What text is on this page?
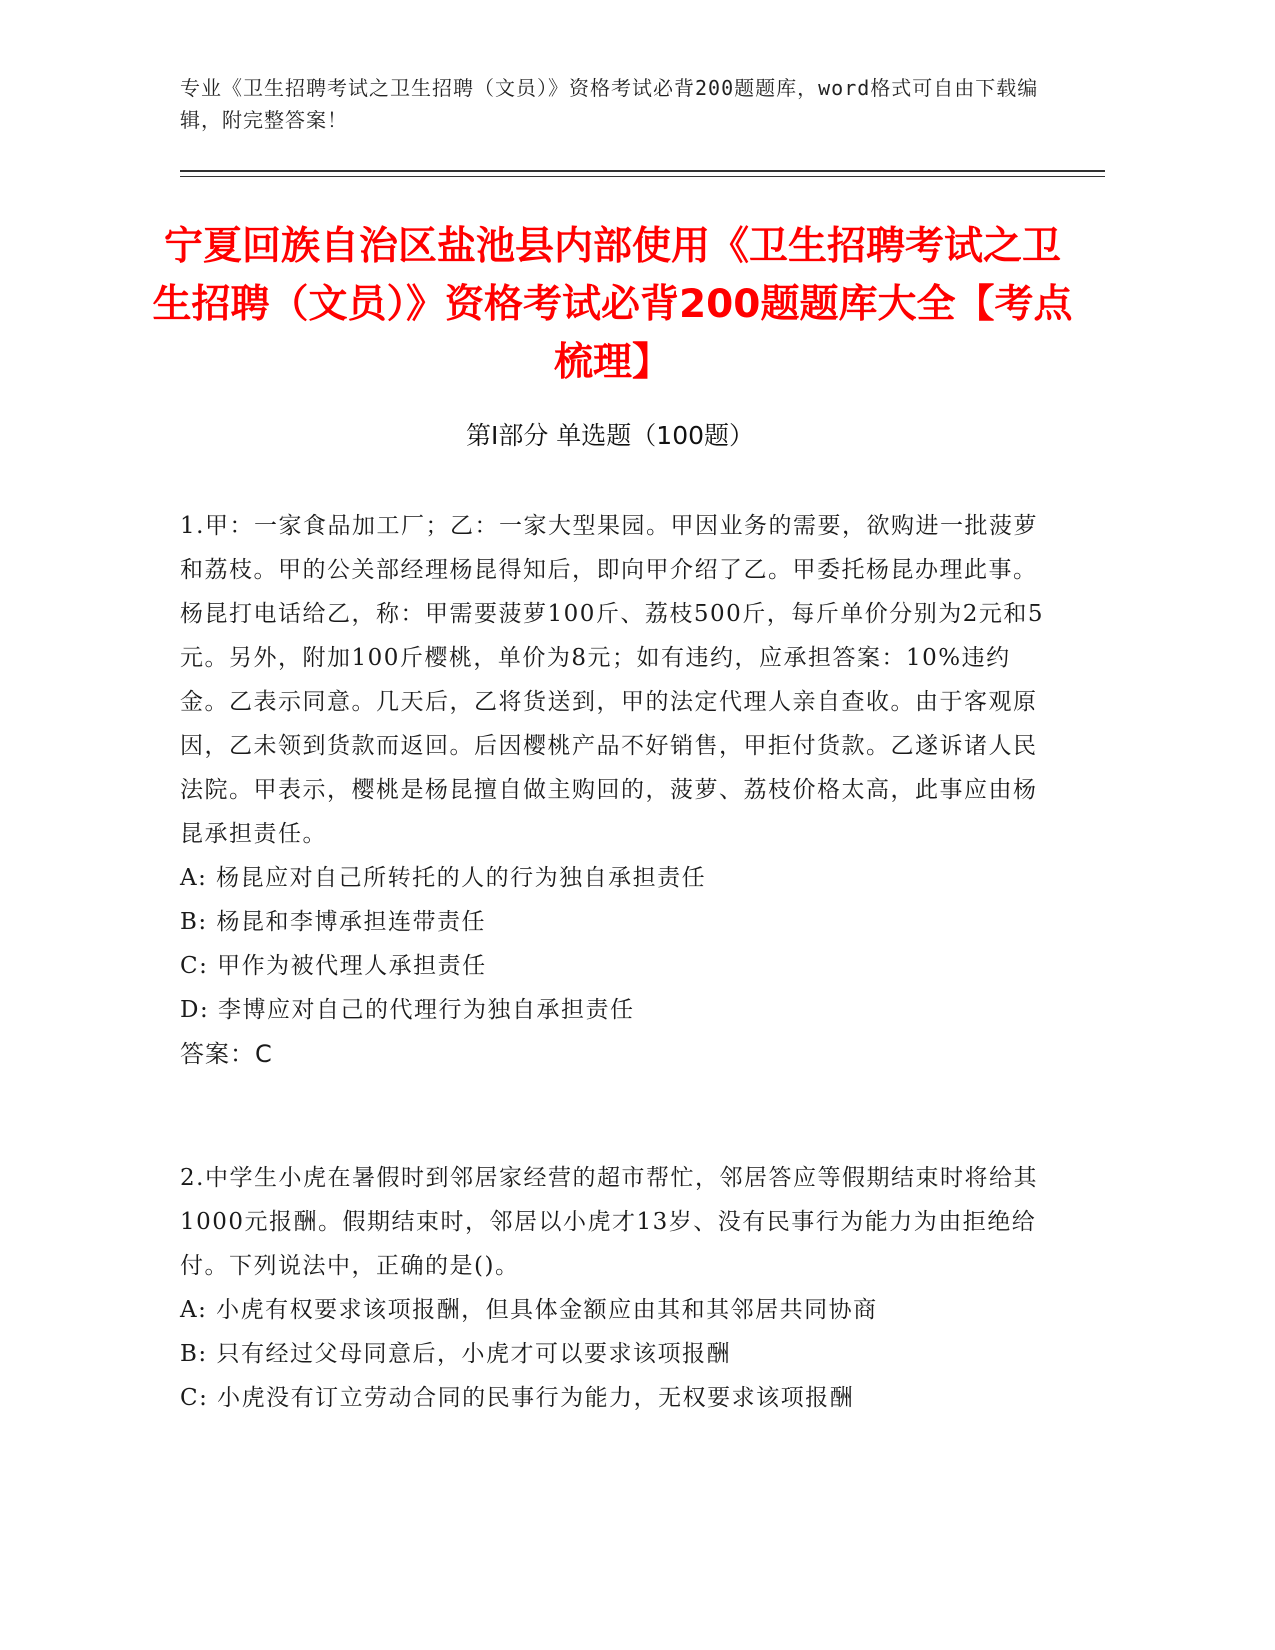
专业《卫生招聘考试之卫生招聘（文员）》资格考试必背200题题库，word格式可自由下载编辑，附完整答案！
宁夏回族自治区盐池县内部使用《卫生招聘考试之卫生招聘（文员）》资格考试必背200题题库大全【考点梳理】
第I部分 单选题（100题）

1.甲：一家食品加工厂；乙：一家大型果园。甲因业务的需要，欲购进一批菠萝和荔枝。甲的公关部经理杨昆得知后，即向甲介绍了乙。甲委托杨昆办理此事。杨昆打电话给乙，称：甲需要菠萝100斤、荔枝500斤，每斤单价分别为2元和5元。另外，附加100斤樱桃，单价为8元；如有违约，应承担答案：10%违约金。乙表示同意。几天后，乙将货送到，甲的法定代理人亲自查收。由于客观原因，乙未领到货款而返回。后因樱桃产品不好销售，甲拒付货款。乙遂诉诸人民法院。甲表示，樱桃是杨昆擅自做主购回的，菠萝、荔枝价格太高，此事应由杨昆承担责任。

A: 杨昆应对自己所转托的人的行为独自承担责任

B: 杨昆和李博承担连带责任

C: 甲作为被代理人承担责任

D: 李博应对自己的代理行为独自承担责任

答案：C

2.中学生小虎在暑假时到邻居家经营的超市帮忙，邻居答应等假期结束时将给其1000元报酬。假期结束时，邻居以小虎才13岁、没有民事行为能力为由拒绝给付。下列说法中，正确的是()。

A: 小虎有权要求该项报酬，但具体金额应由其和其邻居共同协商

B: 只有经过父母同意后，小虎才可以要求该项报酬

C: 小虎没有订立劳动合同的民事行为能力，无权要求该项报酬
